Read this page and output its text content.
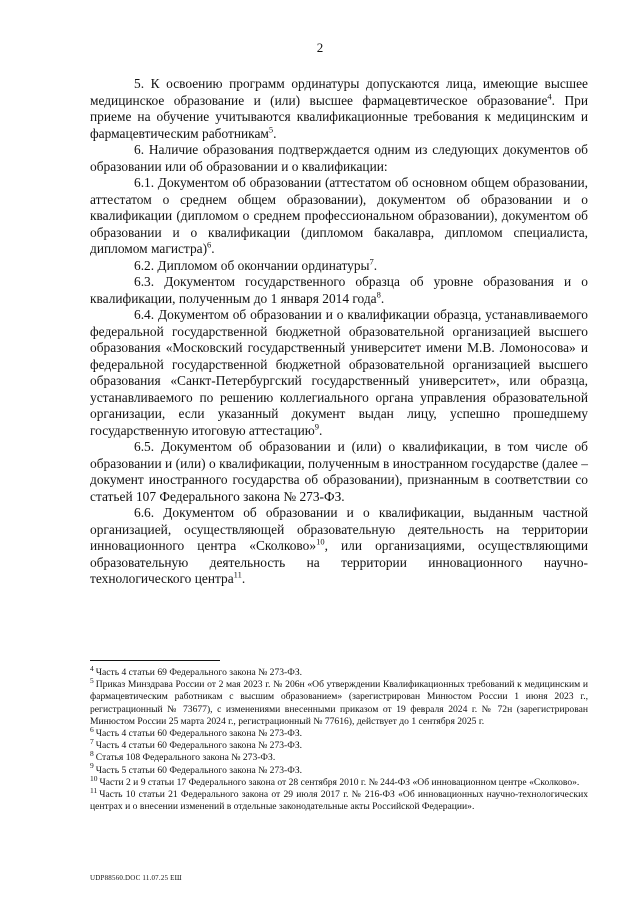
2

5. К освоению программ ординатуры допускаются лица, имеющие высшее медицинское образование и (или) высшее фармацевтическое образование$^4$. При приеме на обучение учитываются квалификационные требования к медицинским и фармацевтическим работникам$^5$.

6. Наличие образования подтверждается одним из следующих документов об образовании или об образовании и о квалификации:

6.1. Документом об образовании (аттестатом об основном общем образовании, аттестатом о среднем общем образовании), документом об образовании и о квалификации (дипломом о среднем профессиональном образовании), документом об образовании и о квалификации (дипломом бакалавра, дипломом специалиста, дипломом магистра)$^6$.

6.2. Дипломом об окончании ординатуры$^7$.

6.3. Документом государственного образца об уровне образования и о квалификации, полученным до 1 января 2014 года$^8$.

6.4. Документом об образовании и о квалификации образца, устанавливаемого федеральной государственной бюджетной образовательной организацией высшего образования «Московский государственный университет имени М.В. Ломоносова» и федеральной государственной бюджетной образовательной организацией высшего образования «Санкт-Петербургский государственный университет», или образца, устанавливаемого по решению коллегиального органа управления образовательной организации, если указанный документ выдан лицу, успешно прошедшему государственную итоговую аттестацию$^9$.

6.5. Документом об образовании и (или) о квалификации, в том числе об образовании и (или) о квалификации, полученным в иностранном государстве (далее – документ иностранного государства об образовании), признанным в соответствии со статьей 107 Федерального закона № 273-ФЗ.

6.6. Документом об образовании и о квалификации, выданным частной организацией, осуществляющей образовательную деятельность на территории инновационного центра «Сколково»$^{10}$, или организациями, осуществляющими образовательную деятельность на территории инновационного научно-технологического центра$^{11}$.

$^4$ Часть 4 статьи 69 Федерального закона № 273-ФЗ.

$^5$ Приказ Минздрава России от 2 мая 2023 г. № 206н «Об утверждении Квалификационных требований к медицинским и фармацевтическим работникам с высшим образованием» (зарегистрирован Минюстом России 1 июня 2023 г., регистрационный № 73677), с изменениями внесенными приказом от 19 февраля 2024 г. № 72н (зарегистрирован Минюстом России 25 марта 2024 г., регистрационный № 77616), действует до 1 сентября 2025 г.

$^6$ Часть 4 статьи 60 Федерального закона № 273-ФЗ.

$^7$ Часть 4 статьи 60 Федерального закона № 273-ФЗ.

$^8$ Статья 108 Федерального закона № 273-ФЗ.

$^9$ Часть 5 статьи 60 Федерального закона № 273-ФЗ.

$^{10}$ Части 2 и 9 статьи 17 Федерального закона от 28 сентября 2010 г. № 244-ФЗ «Об инновационном центре «Сколково».

$^{11}$ Часть 10 статьи 21 Федерального закона от 29 июля 2017 г. № 216-ФЗ «Об инновационных научно-технологических центрах и о внесении изменений в отдельные законодательные акты Российской Федерации».

UDP88560.DOC 11.07.25 ЕШ
